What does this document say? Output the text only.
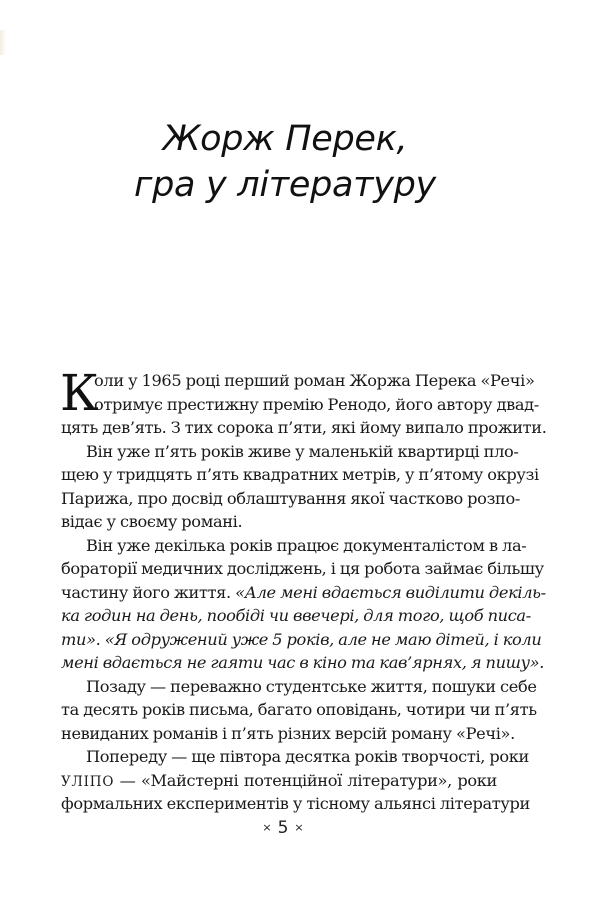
Жорж Перек,
гра у літературу
К
оли у 1965 році перший роман Жоржа Перека «Речі»
отримує престижну премію Ренодо, його автору двад-
цять дев’ять. З тих сорока п’яти, які йому випало прожити.
Він уже п’ять років живе у маленькій квартирці пло-
щею у тридцять п’ять квадратних метрів, у п’ятому окрузі
Парижа, про досвід облаштування якої частково розпо-
відає у своєму романі.
Він уже декілька років працює документалістом в ла-
бораторії медичних досліджень, і ця робота займає більшу
частину його життя. «Але мені вдається виділити декіль-
ка годин на день, пообіді чи ввечері, для того, щоб писа-
ти». «Я одружений уже 5 років, але не маю дітей, і коли
мені вдається не гаяти час в кіно та кав’ярнях, я пишу».
Позаду — переважно студентське життя, пошуки себе
та десять років письма, багато оповідань, чотири чи п’ять
невиданих романів і п’ять різних версій роману «Речі».
Попереду — ще півтора десятка років творчості, роки
УЛІПО — «Майстерні потенційної літератури», роки
формальних експериментів у тісному альянсі літератури
× 5 ×
